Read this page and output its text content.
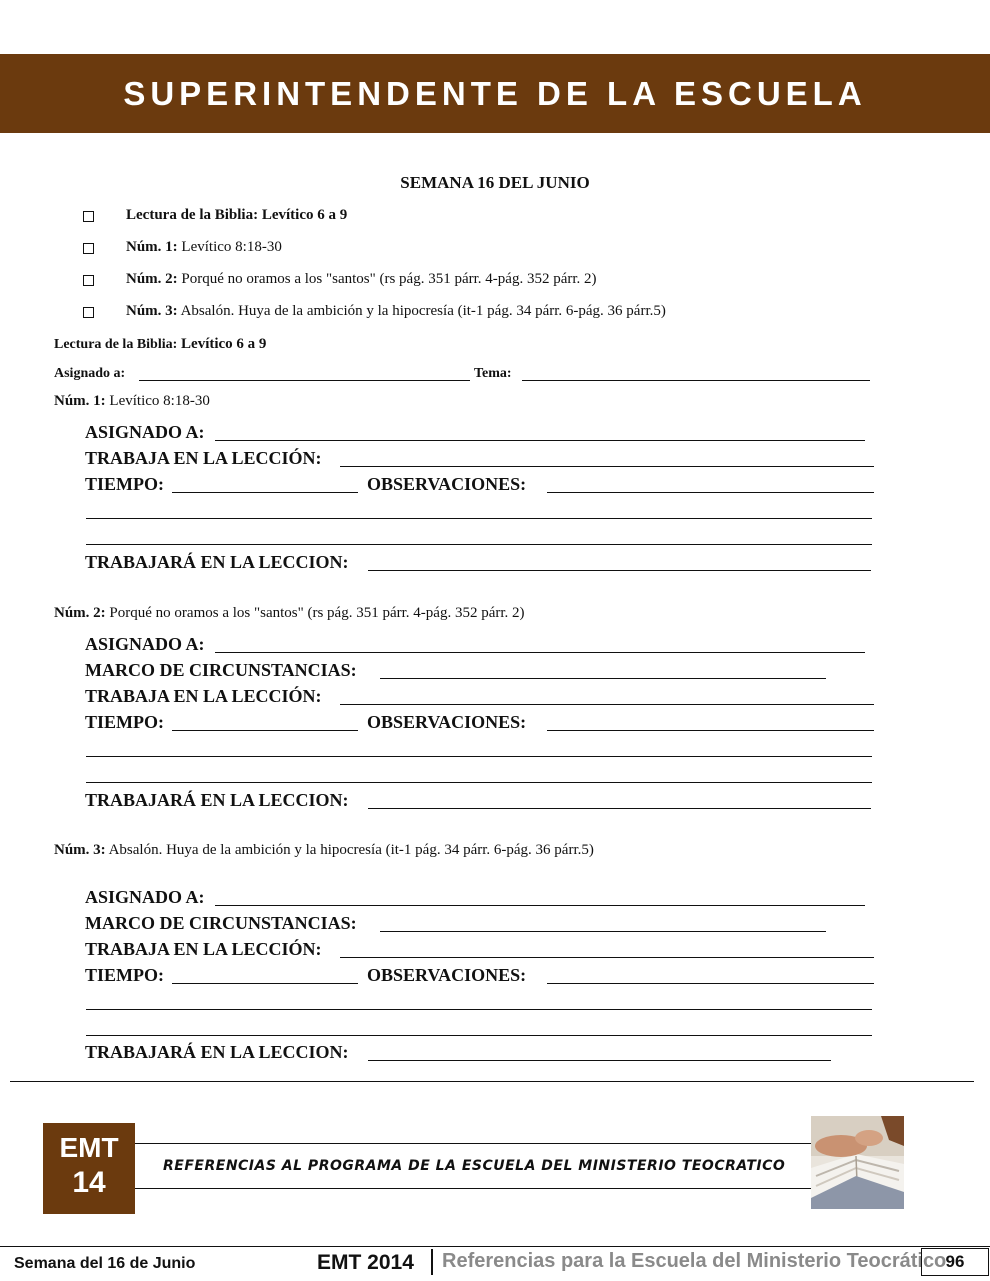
SUPERINTENDENTE DE LA ESCUELA
SEMANA 16 DEL JUNIO
Lectura de la Biblia: Levítico 6 a 9
Núm. 1: Levítico 8:18-30
Núm. 2: Porqué no oramos a los "santos" (rs pág. 351 párr. 4-pág. 352 párr. 2)
Núm. 3: Absalón. Huya de la ambición y la hipocresía (it-1 pág. 34 párr. 6-pág. 36 párr.5)
Lectura de la Biblia: Levítico 6 a 9
Asignado a:	Tema:
Núm. 1: Levítico 8:18-30
ASIGNADO A:
TRABAJA EN LA LECCIÓN:
TIEMPO:	OBSERVACIONES:
TRABAJARÁ EN LA LECCION:
Núm. 2: Porqué no oramos a los "santos" (rs pág. 351 párr. 4-pág. 352 párr. 2)
ASIGNADO A:
MARCO DE CIRCUNSTANCIAS:
TRABAJA EN LA LECCIÓN:
TIEMPO:	OBSERVACIONES:
TRABAJARÁ EN LA LECCION:
Núm. 3: Absalón. Huya de la ambición y la hipocresía (it-1 pág. 34 párr. 6-pág. 36 párr.5)
ASIGNADO A:
MARCO DE CIRCUNSTANCIAS:
TRABAJA EN LA LECCIÓN:
TIEMPO:	OBSERVACIONES:
TRABAJARÁ EN LA LECCION:
EMT
14	REFERENCIAS AL PROGRAMA DE LA ESCUELA DEL MINISTERIO TEOCRATICO
Semana del 16 de Junio	EMT 2014 Referencias para la Escuela del Ministerio Teocrático 96
